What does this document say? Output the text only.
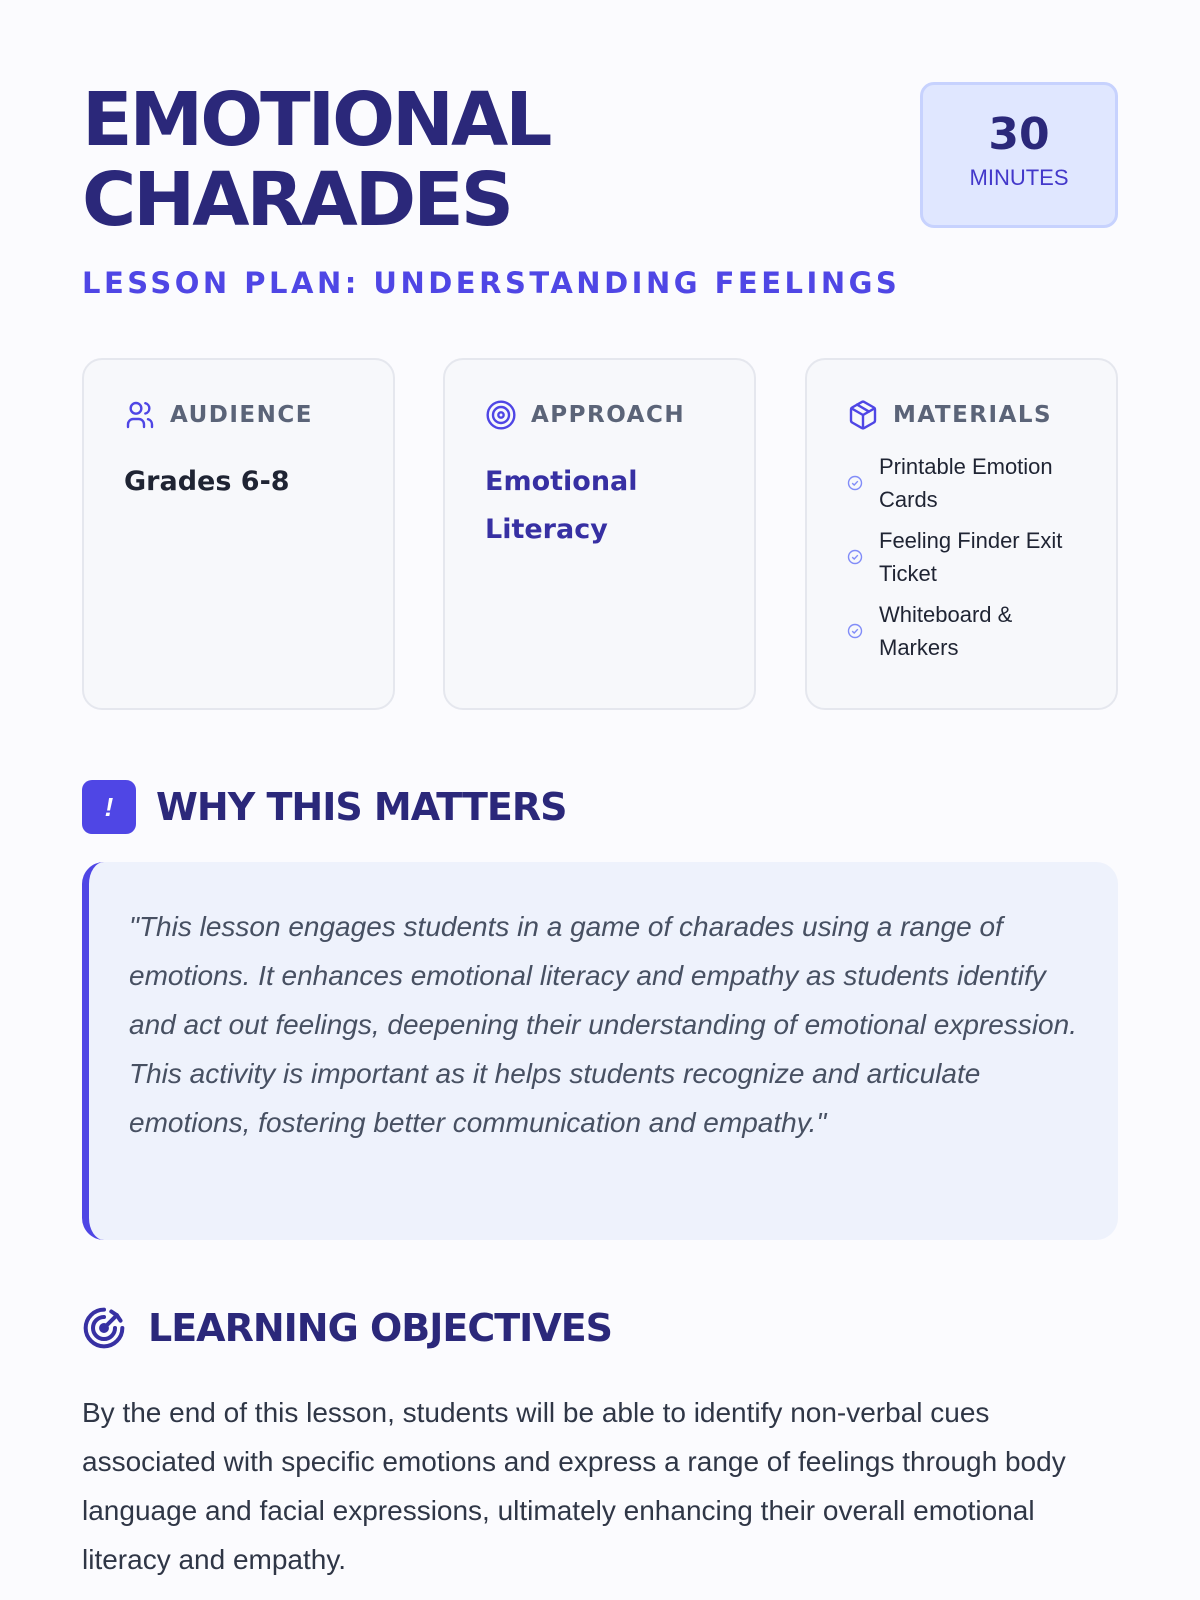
EMOTIONAL CHARADES
LESSON PLAN: UNDERSTANDING FEELINGS
30
MINUTES
AUDIENCE
Grades 6-8
APPROACH
Emotional Literacy
MATERIALS
Printable Emotion Cards
Feeling Finder Exit Ticket
Whiteboard & Markers
!	WHY THIS MATTERS

"This lesson engages students in a game of charades using a range of emotions. It enhances emotional literacy and empathy as students identify and act out feelings, deepening their understanding of emotional expression. This activity is important as it helps students recognize and articulate emotions, fostering better communication and empathy."

LEARNING OBJECTIVES

By the end of this lesson, students will be able to identify non-verbal cues associated with specific emotions and express a range of feelings through body language and facial expressions, ultimately enhancing their overall emotional literacy and empathy.
